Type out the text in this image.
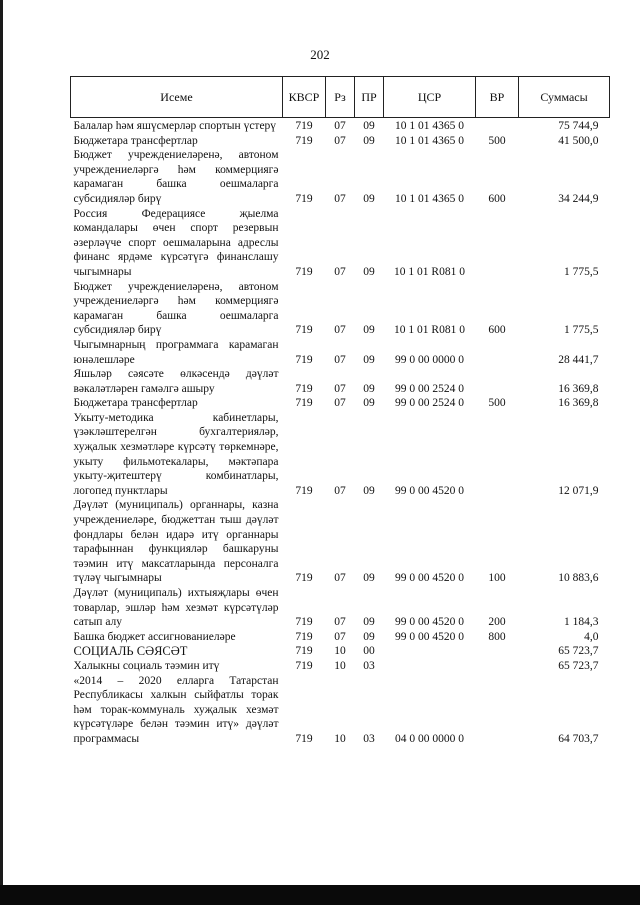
202
Исеме	КВСР	Рз	ПР	ЦСР	ВР	Суммасы
Балалар һәм яшүсмерләр спортын үстерү	719	07	09	10 1 01 4365 0		75 744,9
Бюджетара трансфертлар	719	07	09	10 1 01 4365 0	500	41 500,0
Бюджет учреждениеләренә, автоном учреждениеләргә һәм коммерциягә карамаган башка оешмаларга субсидияләр бирү	719	07	09	10 1 01 4365 0	600	34 244,9
Россия Федерациясе җыелма командалары өчен спорт резервын әзерләүче спорт оешмаларына адреслы финанс ярдәме күрсәтүгә финанслашу чыгымнары	719	07	09	10 1 01 R081 0		1 775,5
Бюджет учреждениеләренә, автоном учреждениеләргә һәм коммерциягә карамаган башка оешмаларга субсидияләр бирү	719	07	09	10 1 01 R081 0	600	1 775,5
Чыгымнарның программага карамаган юнәлешләре	719	07	09	99 0 00 0000 0		28 441,7
Яшьләр сәясәте өлкәсендә дәүләт вәкаләтләрен гамәлгә ашыру	719	07	09	99 0 00 2524 0		16 369,8
Бюджетара трансфертлар	719	07	09	99 0 00 2524 0	500	16 369,8
Укыту-методика кабинетлары, үзәкләштерелгән бухгалтерияләр, хуҗалык хезмәтләре күрсәтү төркемнәре, укыту фильмотекалары, мәктәпара укыту-җитештерү комбинатлары, логопед пунктлары	719	07	09	99 0 00 4520 0		12 071,9
Дәүләт (муниципаль) органнары, казна учреждениеләре, бюджеттан тыш дәүләт фондлары белән идарә итү органнары тарафыннан функцияләр башкаруны тәэмин итү максатларында персоналга түләү чыгымнары	719	07	09	99 0 00 4520 0	100	10 883,6
Дәүләт (муниципаль) ихтыяҗлары өчен товарлар, эшләр һәм хезмәт күрсәтүләр сатып алу	719	07	09	99 0 00 4520 0	200	1 184,3
Башка бюджет ассигнованиеләре	719	07	09	99 0 00 4520 0	800	4,0
СОЦИАЛЬ СӘЯСӘТ	719	10	00			65 723,7
Халыкны социаль тәэмин итү	719	10	03			65 723,7
«2014 – 2020 елларга Татарстан Республикасы халкын сыйфатлы торак һәм торак-коммуналь хуҗалык хезмәт күрсәтүләре белән тәэмин итү» дәүләт программасы	719	10	03	04 0 00 0000 0		64 703,7
